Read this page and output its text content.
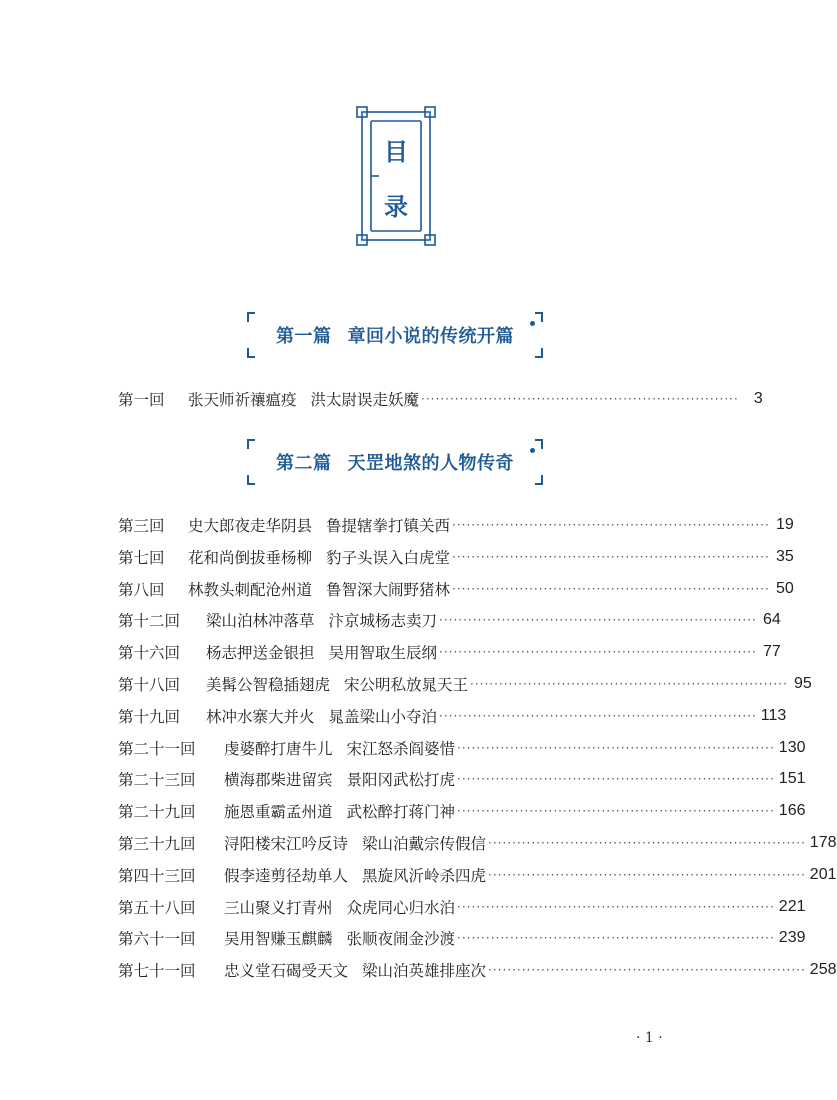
目
录
第一篇 章回小说的传统开篇
第一回	张天师祈禳瘟疫 洪太尉误走妖魔 ·································································· 3
第二篇 天罡地煞的人物传奇
第三回	史大郎夜走华阴县 鲁提辖拳打镇关西 ·································································· 19
第七回	花和尚倒拔垂杨柳 豹子头误入白虎堂 ·································································· 35
第八回	林教头刺配沧州道 鲁智深大闹野猪林 ·································································· 50
第十二回	梁山泊林冲落草 汴京城杨志卖刀 ·································································· 64
第十六回	杨志押送金银担 吴用智取生辰纲 ·································································· 77
第十八回	美髯公智稳插翅虎 宋公明私放晁天王 ·································································· 95
第十九回	林冲水寨大并火 晁盖梁山小夺泊 ·································································· 113
第二十一回	虔婆醉打唐牛儿 宋江怒杀阎婆惜 ·································································· 130
第二十三回	横海郡柴进留宾 景阳冈武松打虎 ·································································· 151
第二十九回	施恩重霸孟州道 武松醉打蒋门神 ·································································· 166
第三十九回	浔阳楼宋江吟反诗 梁山泊戴宗传假信 ·································································· 178
第四十三回	假李逵剪径劫单人 黑旋风沂岭杀四虎 ·································································· 201
第五十八回	三山聚义打青州 众虎同心归水泊 ·································································· 221
第六十一回	吴用智赚玉麒麟 张顺夜闹金沙渡 ·································································· 239
第七十一回	忠义堂石碣受天文 梁山泊英雄排座次 ·································································· 258
· 1 ·
